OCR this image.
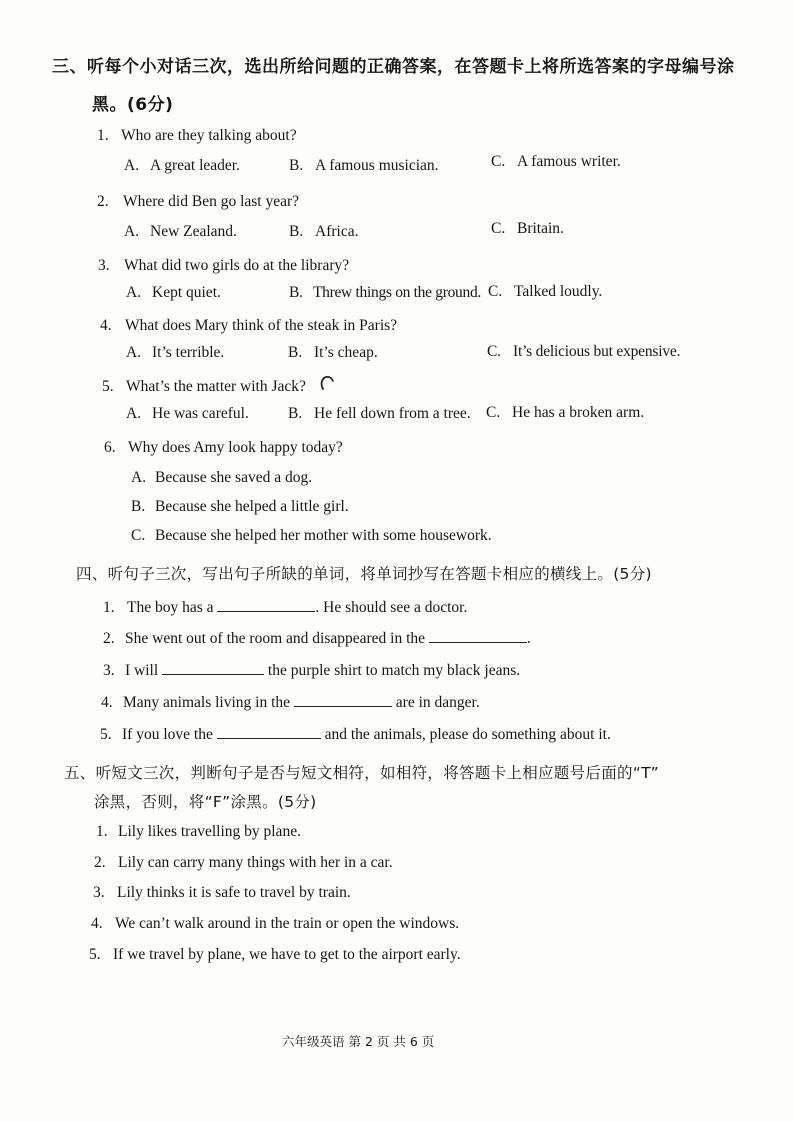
三、听每个小对话三次，选出所给问题的正确答案，在答题卡上将所选答案的字母编号涂
黑。(6分)
1. Who are they talking about?
A. A great leader.	B. A famous musician.	C. A famous writer.
2. Where did Ben go last year?
A. New Zealand.	B. Africa.	C. Britain.
3. What did two girls do at the library?
A. Kept quiet.	B. Threw things on the ground. C. Talked loudly.
4. What does Mary think of the steak in Paris?
A. It’s terrible.	B. It’s cheap.	C. It’s delicious but expensive.
5. What’s the matter with Jack?
A. He was careful.	B. He fell down from a tree. C. He has a broken arm.
6. Why does Amy look happy today?
A. Because she saved a dog.
B. Because she helped a little girl.
C. Because she helped her mother with some housework.
四、听句子三次，写出句子所缺的单词，将单词抄写在答题卡相应的横线上。(5分)
1. The boy has a	. He should see a doctor.
2. She went out of the room and disappeared in the	.
3. I will	the purple shirt to match my black jeans.
4. Many animals living in the	are in danger.
5. If you love the	and the animals, please do something about it.
五、听短文三次，判断句子是否与短文相符，如相符，将答题卡上相应题号后面的“T”
涂黑，否则，将“F”涂黑。(5分)
1. Lily likes travelling by plane.
2. Lily can carry many things with her in a car.
3. Lily thinks it is safe to travel by train.
4. We can’t walk around in the train or open the windows.
5. If we travel by plane, we have to get to the airport early.
六年级英语 第 2 页 共 6 页
